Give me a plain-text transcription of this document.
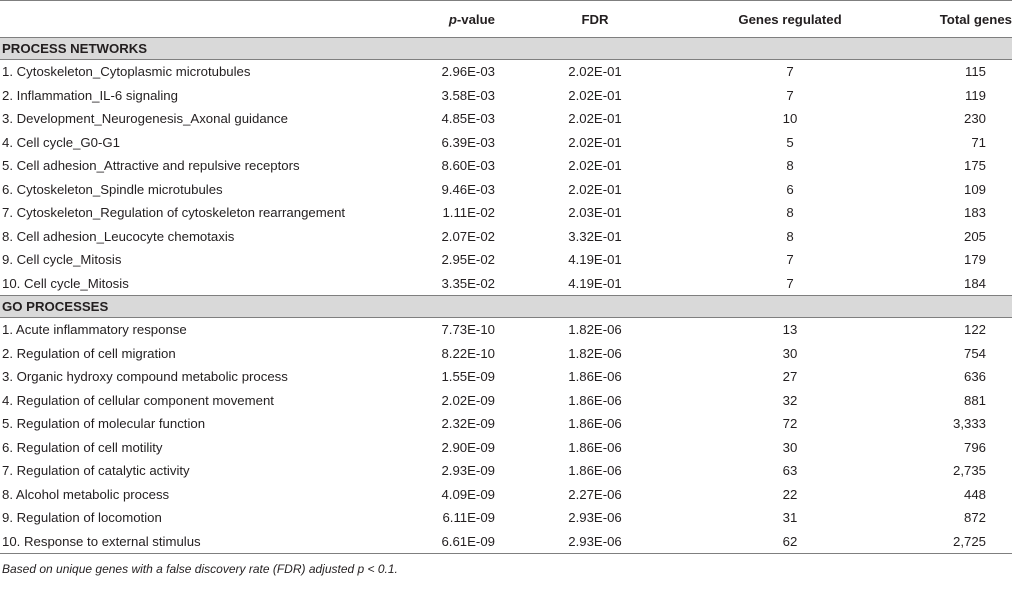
	p-value	FDR	Genes regulated	Total genes
PROCESS NETWORKS				
1. Cytoskeleton_Cytoplasmic microtubules	2.96E-03	2.02E-01	7	115
2. Inflammation_IL-6 signaling	3.58E-03	2.02E-01	7	119
3. Development_Neurogenesis_Axonal guidance	4.85E-03	2.02E-01	10	230
4. Cell cycle_G0-G1	6.39E-03	2.02E-01	5	71
5. Cell adhesion_Attractive and repulsive receptors	8.60E-03	2.02E-01	8	175
6. Cytoskeleton_Spindle microtubules	9.46E-03	2.02E-01	6	109
7. Cytoskeleton_Regulation of cytoskeleton rearrangement	1.11E-02	2.03E-01	8	183
8. Cell adhesion_Leucocyte chemotaxis	2.07E-02	3.32E-01	8	205
9. Cell cycle_Mitosis	2.95E-02	4.19E-01	7	179
10. Cell cycle_Mitosis	3.35E-02	4.19E-01	7	184
GO PROCESSES				
1. Acute inflammatory response	7.73E-10	1.82E-06	13	122
2. Regulation of cell migration	8.22E-10	1.82E-06	30	754
3. Organic hydroxy compound metabolic process	1.55E-09	1.86E-06	27	636
4. Regulation of cellular component movement	2.02E-09	1.86E-06	32	881
5. Regulation of molecular function	2.32E-09	1.86E-06	72	3,333
6. Regulation of cell motility	2.90E-09	1.86E-06	30	796
7. Regulation of catalytic activity	2.93E-09	1.86E-06	63	2,735
8. Alcohol metabolic process	4.09E-09	2.27E-06	22	448
9. Regulation of locomotion	6.11E-09	2.93E-06	31	872
10. Response to external stimulus	6.61E-09	2.93E-06	62	2,725
Based on unique genes with a false discovery rate (FDR) adjusted p < 0.1.
